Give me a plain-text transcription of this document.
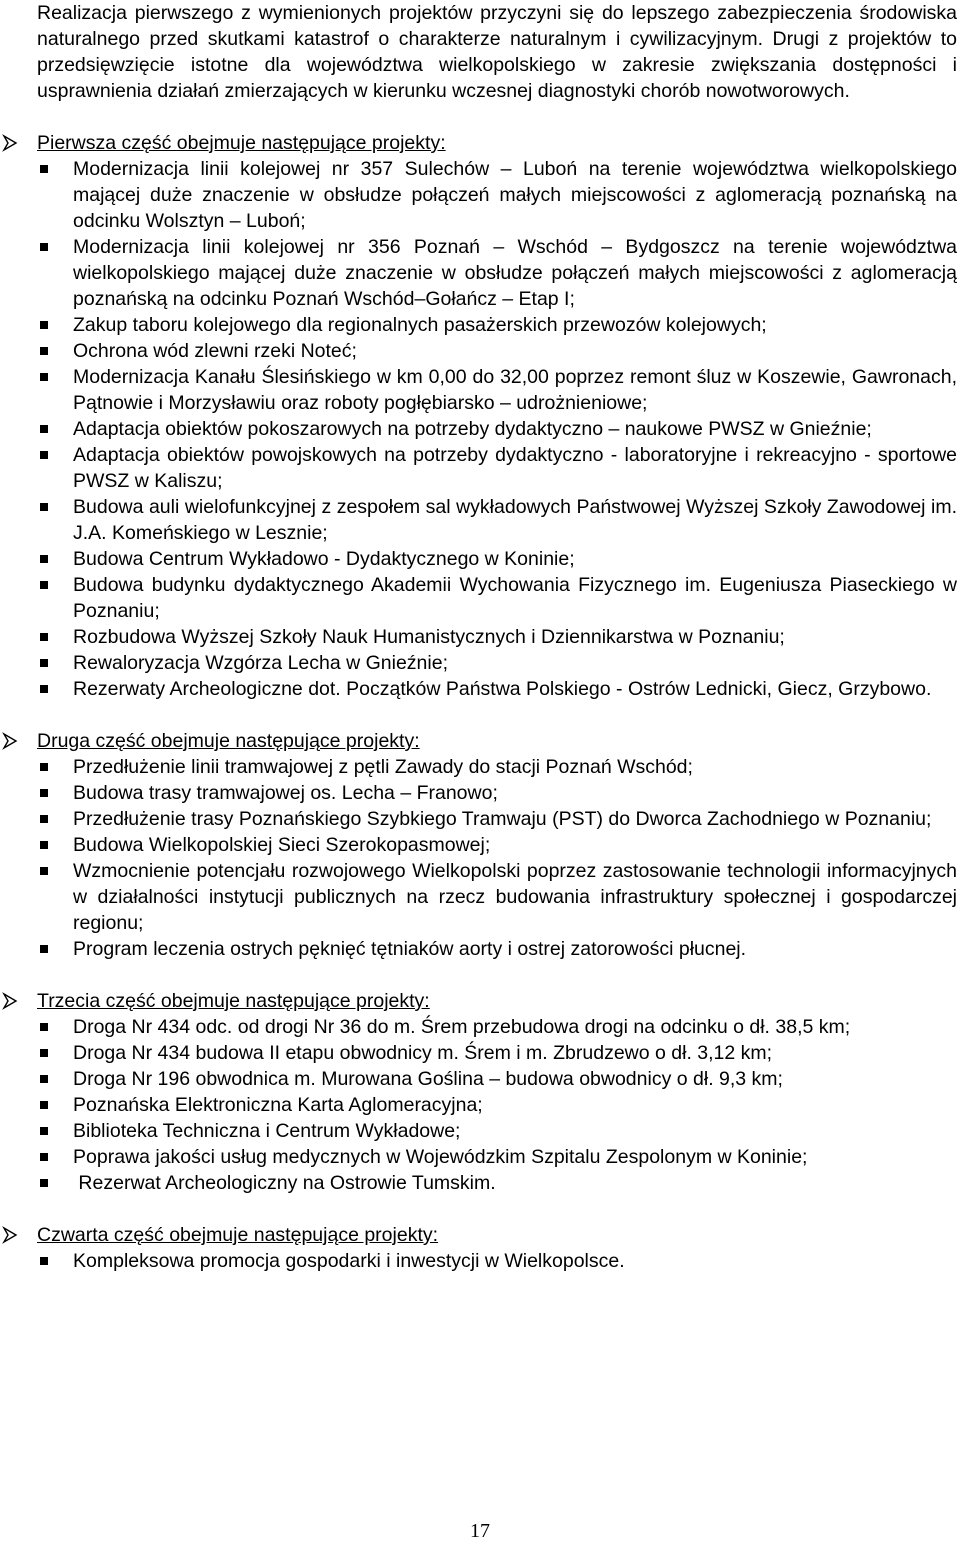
Realizacja pierwszego z wymienionych projektów przyczyni się do lepszego zabezpieczenia środowiska naturalnego przed skutkami katastrof o charakterze naturalnym i cywilizacyjnym. Drugi z projektów to przedsięwzięcie istotne dla województwa wielkopolskiego w zakresie zwiększania dostępności i usprawnienia działań zmierzających w kierunku wczesnej diagnostyki chorób nowotworowych.

Pierwsza część obejmuje następujące projekty:
Modernizacja linii kolejowej nr 357 Sulechów – Luboń na terenie województwa wielkopolskiego mającej duże znaczenie w obsłudze połączeń małych miejscowości z aglomeracją poznańską na odcinku Wolsztyn – Luboń;
Modernizacja linii kolejowej nr 356 Poznań – Wschód – Bydgoszcz na terenie województwa wielkopolskiego mającej duże znaczenie w obsłudze połączeń małych miejscowości z aglomeracją poznańską na odcinku Poznań Wschód–Gołańcz – Etap I;
Zakup taboru kolejowego dla regionalnych pasażerskich przewozów kolejowych;
Ochrona wód zlewni rzeki Noteć;
Modernizacja Kanału Ślesińskiego w km 0,00 do 32,00 poprzez remont śluz w Koszewie, Gawronach, Pątnowie i Morzysławiu oraz roboty pogłębiarsko – udrożnieniowe;
Adaptacja obiektów pokoszarowych na potrzeby dydaktyczno – naukowe PWSZ w Gnieźnie;
Adaptacja obiektów powojskowych na potrzeby dydaktyczno - laboratoryjne i rekreacyjno - sportowe PWSZ w Kaliszu;
Budowa auli wielofunkcyjnej z zespołem sal wykładowych Państwowej Wyższej Szkoły Zawodowej im. J.A. Komeńskiego w Lesznie;
Budowa Centrum Wykładowo - Dydaktycznego w Koninie;
Budowa budynku dydaktycznego Akademii Wychowania Fizycznego im. Eugeniusza Piaseckiego w Poznaniu;
Rozbudowa Wyższej Szkoły Nauk Humanistycznych i Dziennikarstwa w Poznaniu;
Rewaloryzacja Wzgórza Lecha w Gnieźnie;
Rezerwaty Archeologiczne dot. Początków Państwa Polskiego - Ostrów Lednicki, Giecz, Grzybowo.
Druga część obejmuje następujące projekty:
Przedłużenie linii tramwajowej z pętli Zawady do stacji Poznań Wschód;
Budowa trasy tramwajowej os. Lecha – Franowo;
Przedłużenie trasy Poznańskiego Szybkiego Tramwaju (PST) do Dworca Zachodniego w Poznaniu;
Budowa Wielkopolskiej Sieci Szerokopasmowej;
Wzmocnienie potencjału rozwojowego Wielkopolski poprzez zastosowanie technologii informacyjnych w działalności instytucji publicznych na rzecz budowania infrastruktury społecznej i gospodarczej regionu;
Program leczenia ostrych pęknięć tętniaków aorty i ostrej zatorowości płucnej.
Trzecia część obejmuje następujące projekty:
Droga Nr 434 odc. od drogi Nr 36 do m. Śrem przebudowa drogi na odcinku o dł. 38,5 km;
Droga Nr 434 budowa II etapu obwodnicy m. Śrem i m. Zbrudzewo o dł. 3,12 km;
Droga Nr 196 obwodnica m. Murowana Goślina – budowa obwodnicy o dł. 9,3 km;
Poznańska Elektroniczna Karta Aglomeracyjna;
Biblioteka Techniczna i Centrum Wykładowe;
Poprawa jakości usług medycznych w Wojewódzkim Szpitalu Zespolonym w Koninie;
Rezerwat Archeologiczny na Ostrowie Tumskim.
Czwarta część obejmuje następujące projekty:
Kompleksowa promocja gospodarki i inwestycji w Wielkopolsce.
17
